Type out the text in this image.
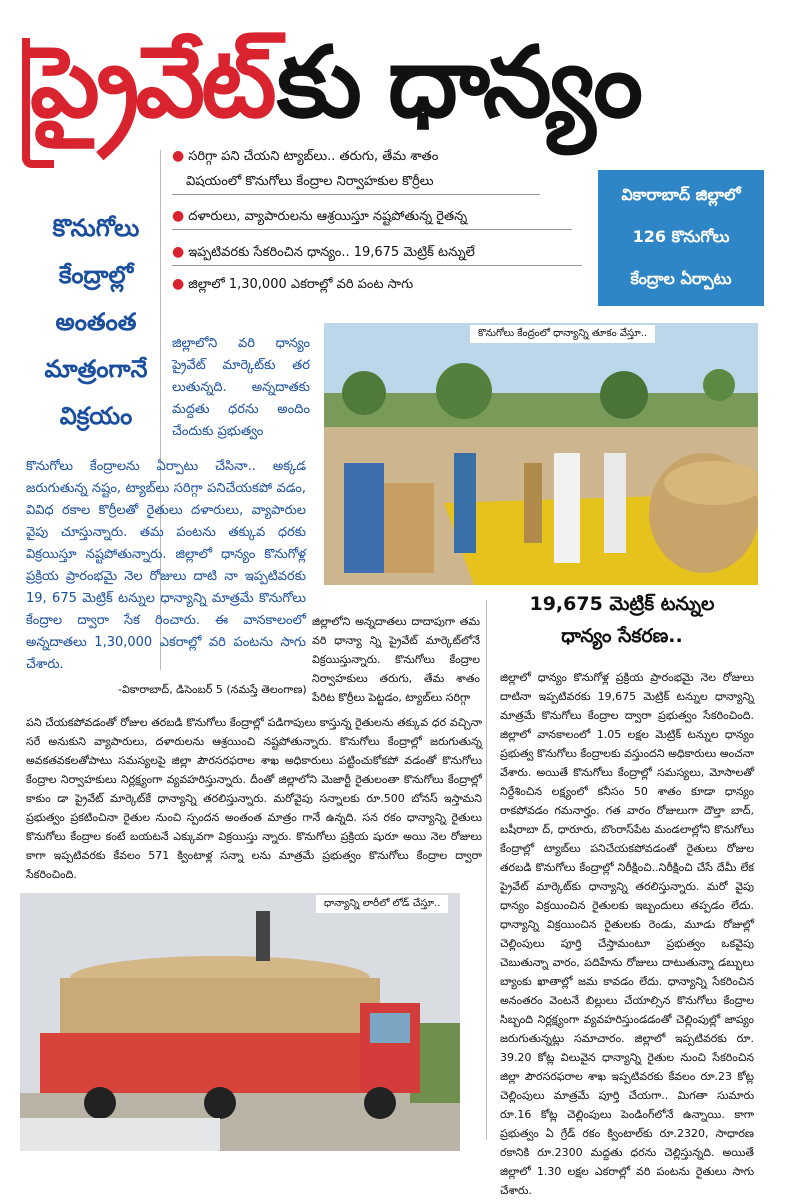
ప్రైవేట్ కు ధాన్యం
● సరిగ్గా పని చేయని ట్యాబ్‌లు.. తరుగు, తేమ శాతం
విషయంలో కొనుగోలు కేంద్రాల నిర్వాహకుల కొర్రీలు
● దళారులు, వ్యాపారులను ఆశ్రయిస్తూ నష్టపోతున్న రైతన్న
● ఇప్పటివరకు సేకరించిన ధాన్యం.. 19,675 మెట్రిక్ టన్నులే
● జిల్లాలో 1,30,000 ఎకరాల్లో వరి పంట సాగు
వికారాబాద్ జిల్లాలో
126 కొనుగోలు
కేంద్రాల ఏర్పాటు
కొనుగోలు
కేంద్రాల్లో
అంతంత
మాత్రంగానే
విక్రయం
జిల్లాలోని వరి ధాన్యం ప్రైవేట్ మార్కెట్‌కు తర లుతున్నది. అన్నదాతకు మద్దతు ధరను అందిం చేందుకు ప్రభుత్వం
కొనుగోలు కేంద్రాలను ఏర్పాటు చేసినా.. అక్కడ జరుగుతున్న నష్టం, ట్యాబ్‌లు సరిగ్గా పనిచేయకపో వడం, వివిధ రకాల కొర్రీలతో రైతులు దళారులు, వ్యాపారుల వైపు చూస్తున్నారు. తమ పంటను తక్కువ ధరకు విక్రయిస్తూ నష్టపోతున్నారు. జిల్లాలో ధాన్యం కొనుగోళ్ల ప్రక్రియ ప్రారంభమై నెల రోజులు దాటి నా ఇప్పటివరకు 19, 675 మెట్రిక్ టన్నుల ధాన్యాన్ని మాత్రమే కొనుగోలు కేంద్రాల ద్వారా సేక రించారు. ఈ వానకాలంలో అన్నదాతలు 1,30,000 ఎకరాల్లో వరి పంటను సాగు చేశారు.
-వికారాబాద్, డిసెంబర్ 5 (నమస్తే తెలంగాణ)
కొనుగోలు కేంద్రంలో ధాన్యాన్ని తూకం వేస్తూ..
జిల్లాలోని అన్నదాతలు దాదాపుగా తమ వరి ధాన్యా న్ని ప్రైవేట్ మార్కెట్‌లోనే విక్రయిస్తున్నారు. కొనుగోలు కేంద్రాల నిర్వాహకులు తరుగు, తేమ శాతం పేరిట కొర్రీలు పెట్టడం, ట్యాబ్‌లు సరిగ్గా
పని చేయకపోవడంతో రోజుల తరబడి కొనుగోలు కేంద్రాల్లో పడిగాపులు కాస్తున్న రైతులను తక్కువ ధర వచ్చినా సరే అనుకుని వ్యాపారులు, దళారులను ఆశ్రయించి నష్టపోతున్నారు. కొనుగోలు కేంద్రాల్లో జరుగుతున్న అవకతవకలతోపాటు సమస్యలపై జిల్లా పౌరసరఫరాల శాఖ అధికారులు పట్టించుకోకపో వడంతో కొనుగోలు కేంద్రాల నిర్వాహకులు నిర్లక్ష్యంగా వ్యవహరిస్తున్నారు. దీంతో జిల్లాలోని మెజార్టీ రైతులంతా కొనుగోలు కేంద్రాల్లో కాకుం డా ప్రైవేట్ మార్కెట్‌కే ధాన్యాన్ని తరలిస్తున్నారు. మరోవైపు సన్నాలకు రూ.500 బోనస్ ఇస్తామని ప్రభుత్వం ప్రకటించినా రైతుల నుంచి స్పందన అంతంత మాత్రం గానే ఉన్నది. సన రకం ధాన్యాన్ని రైతులు కొనుగోలు కేంద్రాల కంటే బయటనే ఎక్కువగా విక్రయిస్తు న్నారు. కొనుగోలు ప్రక్రియ షురూ అయి నెల రోజులు కాగా ఇప్పటివరకు కేవలం 571 క్వింటాళ్ల సన్నా లను మాత్రమే ప్రభుత్వం కొనుగోలు కేంద్రాల ద్వారా సేకరించింది.
19,675 మెట్రిక్ టన్నుల
ధాన్యం సేకరణ..
జిల్లాలో ధాన్యం కొనుగోళ్ల ప్రక్రియ ప్రారంభమై నెల రోజులు దాటినా ఇప్పటివరకు 19,675 మెట్రిక్ టన్నుల ధాన్యాన్ని మాత్రమే కొనుగోలు కేంద్రాల ద్వారా ప్రభుత్వం సేకరించింది. జిల్లాలో వానకాలంలో 1.05 లక్షల మెట్రిక్ టన్నుల ధాన్యం ప్రభుత్వ కొనుగోలు కేంద్రాలకు వస్తుందని అధికారులు అంచనా వేశారు. అయితే కొనుగోలు కేంద్రాల్లో సమస్యలు, మోసాలతో నిర్దేశించిన లక్ష్యంలో కనీసం 50 శాతం కూడా ధాన్యం రాకపోవడం గమనార్హం. గత వారం రోజులుగా దౌల్తా బాద్, బషీరాబా ద్, ధారూరు, బొంరాస్‌పేట మండలాల్లోని కొనుగోలు కేంద్రాల్లో ట్యాబ్‌లు పనిచేయకపోవడంతో రైతులు రోజుల తరబడి కొనుగోలు కేంద్రాల్లో నిరీక్షించి..నిరీక్షించి చేసే దేమీ లేక ప్రైవేట్ మార్కెట్‌కు ధాన్యాన్ని తరలిస్తున్నారు. మరో వైపు ధాన్యం విక్రయించిన రైతులకు ఇబ్బందులు తప్పడం లేదు. ధాన్యాన్ని విక్రయించిన రైతులకు రెండు, మూడు రోజుల్లో చెల్లింపులు పూర్తి చేస్తామంటూ ప్రభుత్వం ఒకవైపు చెబుతున్నా వారం, పదిహేను రోజులు దాటుతున్నా డబ్బులు బ్యాంకు ఖాతాల్లో జమ కావడం లేదు. ధాన్యాన్ని సేకరించిన అనంతరం వెంటనే బిల్లులు చేయాల్సిన కొనుగోలు కేంద్రాల సిబ్బంది నిర్లక్ష్యంగా వ్యవహరిస్తుండడంతో చెల్లింపుల్లో జాప్యం జరుగుతున్నట్లు సమాచారం. జిల్లాలో ఇప్పటివరకు రూ. 39.20 కోట్ల విలువైన ధాన్యాన్ని రైతుల నుంచి సేకరించిన జిల్లా పౌరసరఫరాల శాఖ ఇప్పటివరకు కేవలం రూ.23 కోట్ల చెల్లింపులు మాత్రమే పూర్తి చేయగా.. మిగతా సుమారు రూ.16 కోట్ల చెల్లింపులు పెండింగ్‌లోనే ఉన్నాయి. కాగా ప్రభుత్వం ఏ గ్రేడ్ రకం క్వింటాల్‌కు రూ.2320, సాధారణ రకానికి రూ.2300 మద్దతు ధరను చెల్లిస్తున్నది. అయితే జిల్లాలో 1.30 లక్షల ఎకరాల్లో వరి పంటను రైతులు సాగు చేశారు.
ధాన్యాన్ని లారీలో లోడ్ చేస్తూ..
